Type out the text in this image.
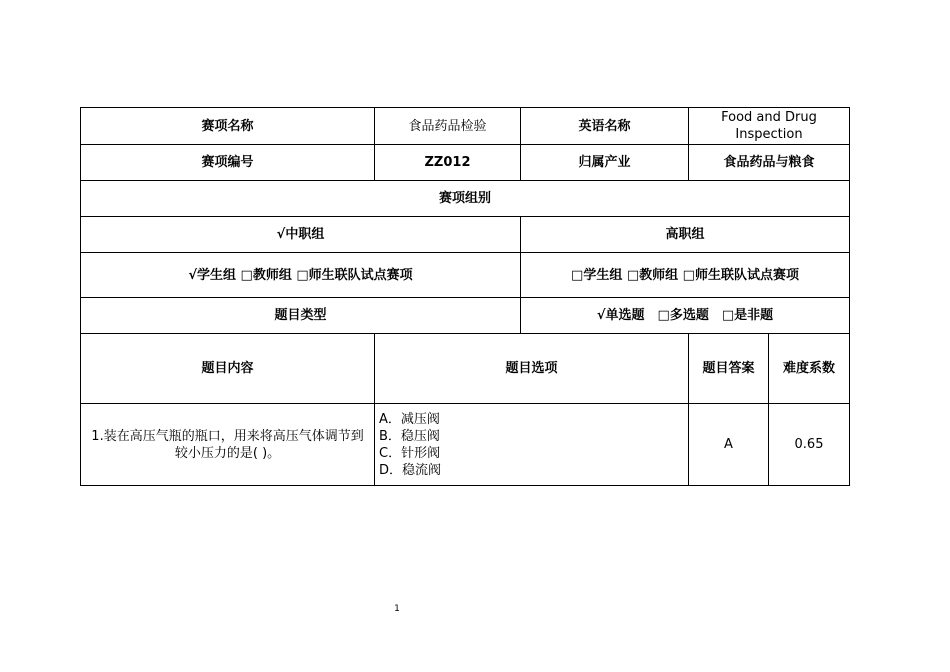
赛项名称	食品药品检验	英语名称	Food and Drug
Inspection	
赛项编号	ZZ012	归属产业	食品药品与粮食	
赛项组别				
√中职组		高职组		
√学生组 □教师组 □师生联队试点赛项		□学生组 □教师组 □师生联队试点赛项		
题目类型		√单选题　□多选题　□是非题		
题目内容	题目选项		题目答案	难度系数
1.装在高压气瓶的瓶口，用来将高压气体调节到较小压力的是( )。	A．减压阀
B．稳压阀
C．针形阀
D．稳流阀		A	0.65
1
